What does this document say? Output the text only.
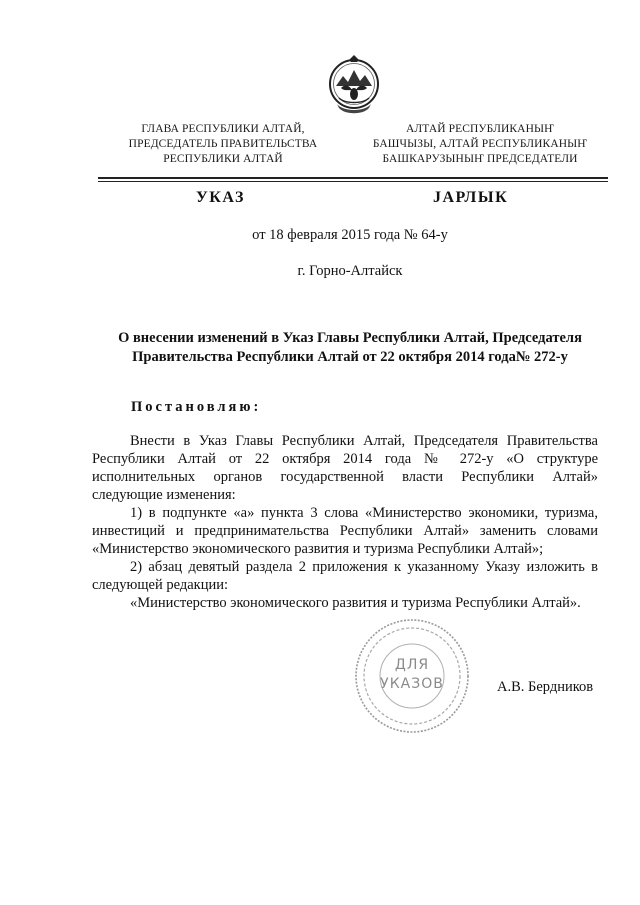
ГЛАВА РЕСПУБЛИКИ АЛТАЙ,
ПРЕДСЕДАТЕЛЬ ПРАВИТЕЛЬСТВА
РЕСПУБЛИКИ АЛТАЙ
АЛТАЙ РЕСПУБЛИКАНЫҤ
БАШЧЫЗЫ, АЛТАЙ РЕСПУБЛИКАНЫҤ
БАШКАРУЗЫНЫҤ ПРЕДСЕДАТЕЛИ
УКАЗ	JАРЛЫК
от 18 февраля 2015 года № 64-у
г. Горно-Алтайск
О внесении изменений в Указ Главы Республики Алтай, Председателя
Правительства Республики Алтай от 22 октября 2014 года№ 272-у
Постановляю:

Внести в Указ Главы Республики Алтай, Председателя Правительства Республики Алтай от 22 октября 2014 года № 272-у «О структуре исполнительных органов государственной власти Республики Алтай» следующие изменения:

1) в подпункте «а» пункта 3 слова «Министерство экономики, туризма, инвестиций и предпринимательства Республики Алтай» заменить словами «Министерство экономического развития и туризма Республики Алтай»;

2) абзац девятый раздела 2 приложения к указанному Указу изложить в следующей редакции:

«Министерство экономического развития и туризма Республики Алтай».

ДЛЯ
УКАЗОВ	А.В. Бердников
